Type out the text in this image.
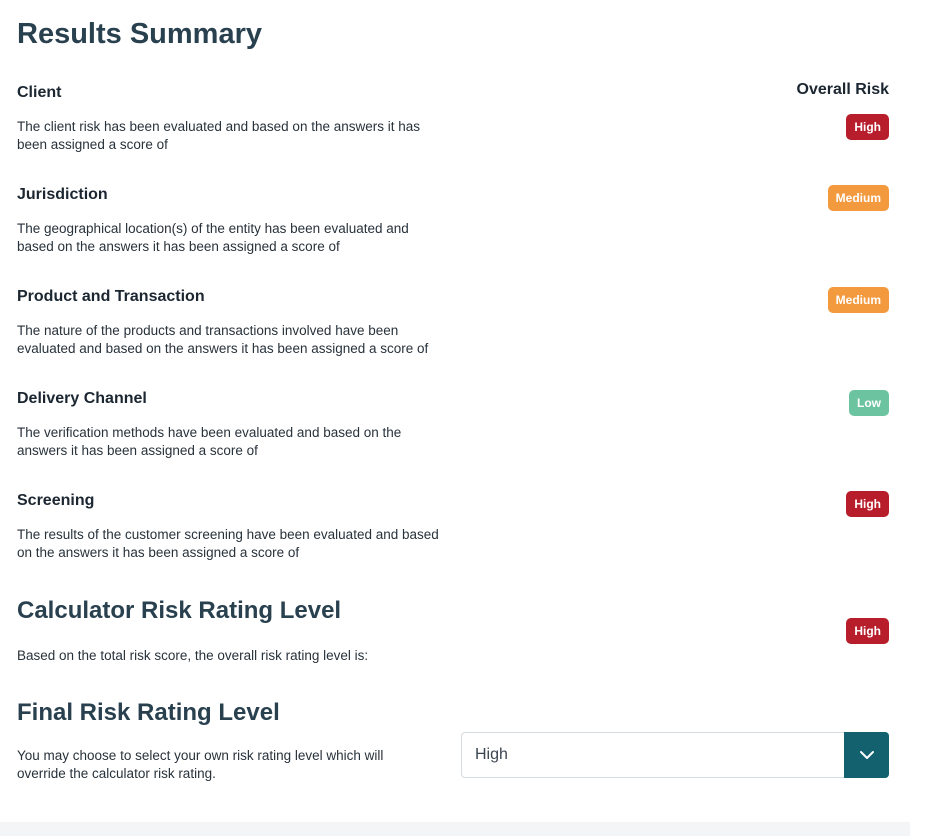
Results Summary
Overall Risk
Client
The client risk has been evaluated and based on the answers it has been assigned a score of
High
Jurisdiction
The geographical location(s) of the entity has been evaluated and based on the answers it has been assigned a score of
Medium
Product and Transaction
The nature of the products and transactions involved have been evaluated and based on the answers it has been assigned a score of
Medium
Delivery Channel
The verification methods have been evaluated and based on the answers it has been assigned a score of
Low
Screening
The results of the customer screening have been evaluated and based on the answers it has been assigned a score of
High
Calculator Risk Rating Level
Based on the total risk score, the overall risk rating level is:
High
Final Risk Rating Level
You may choose to select your own risk rating level which will override the calculator risk rating.
High
